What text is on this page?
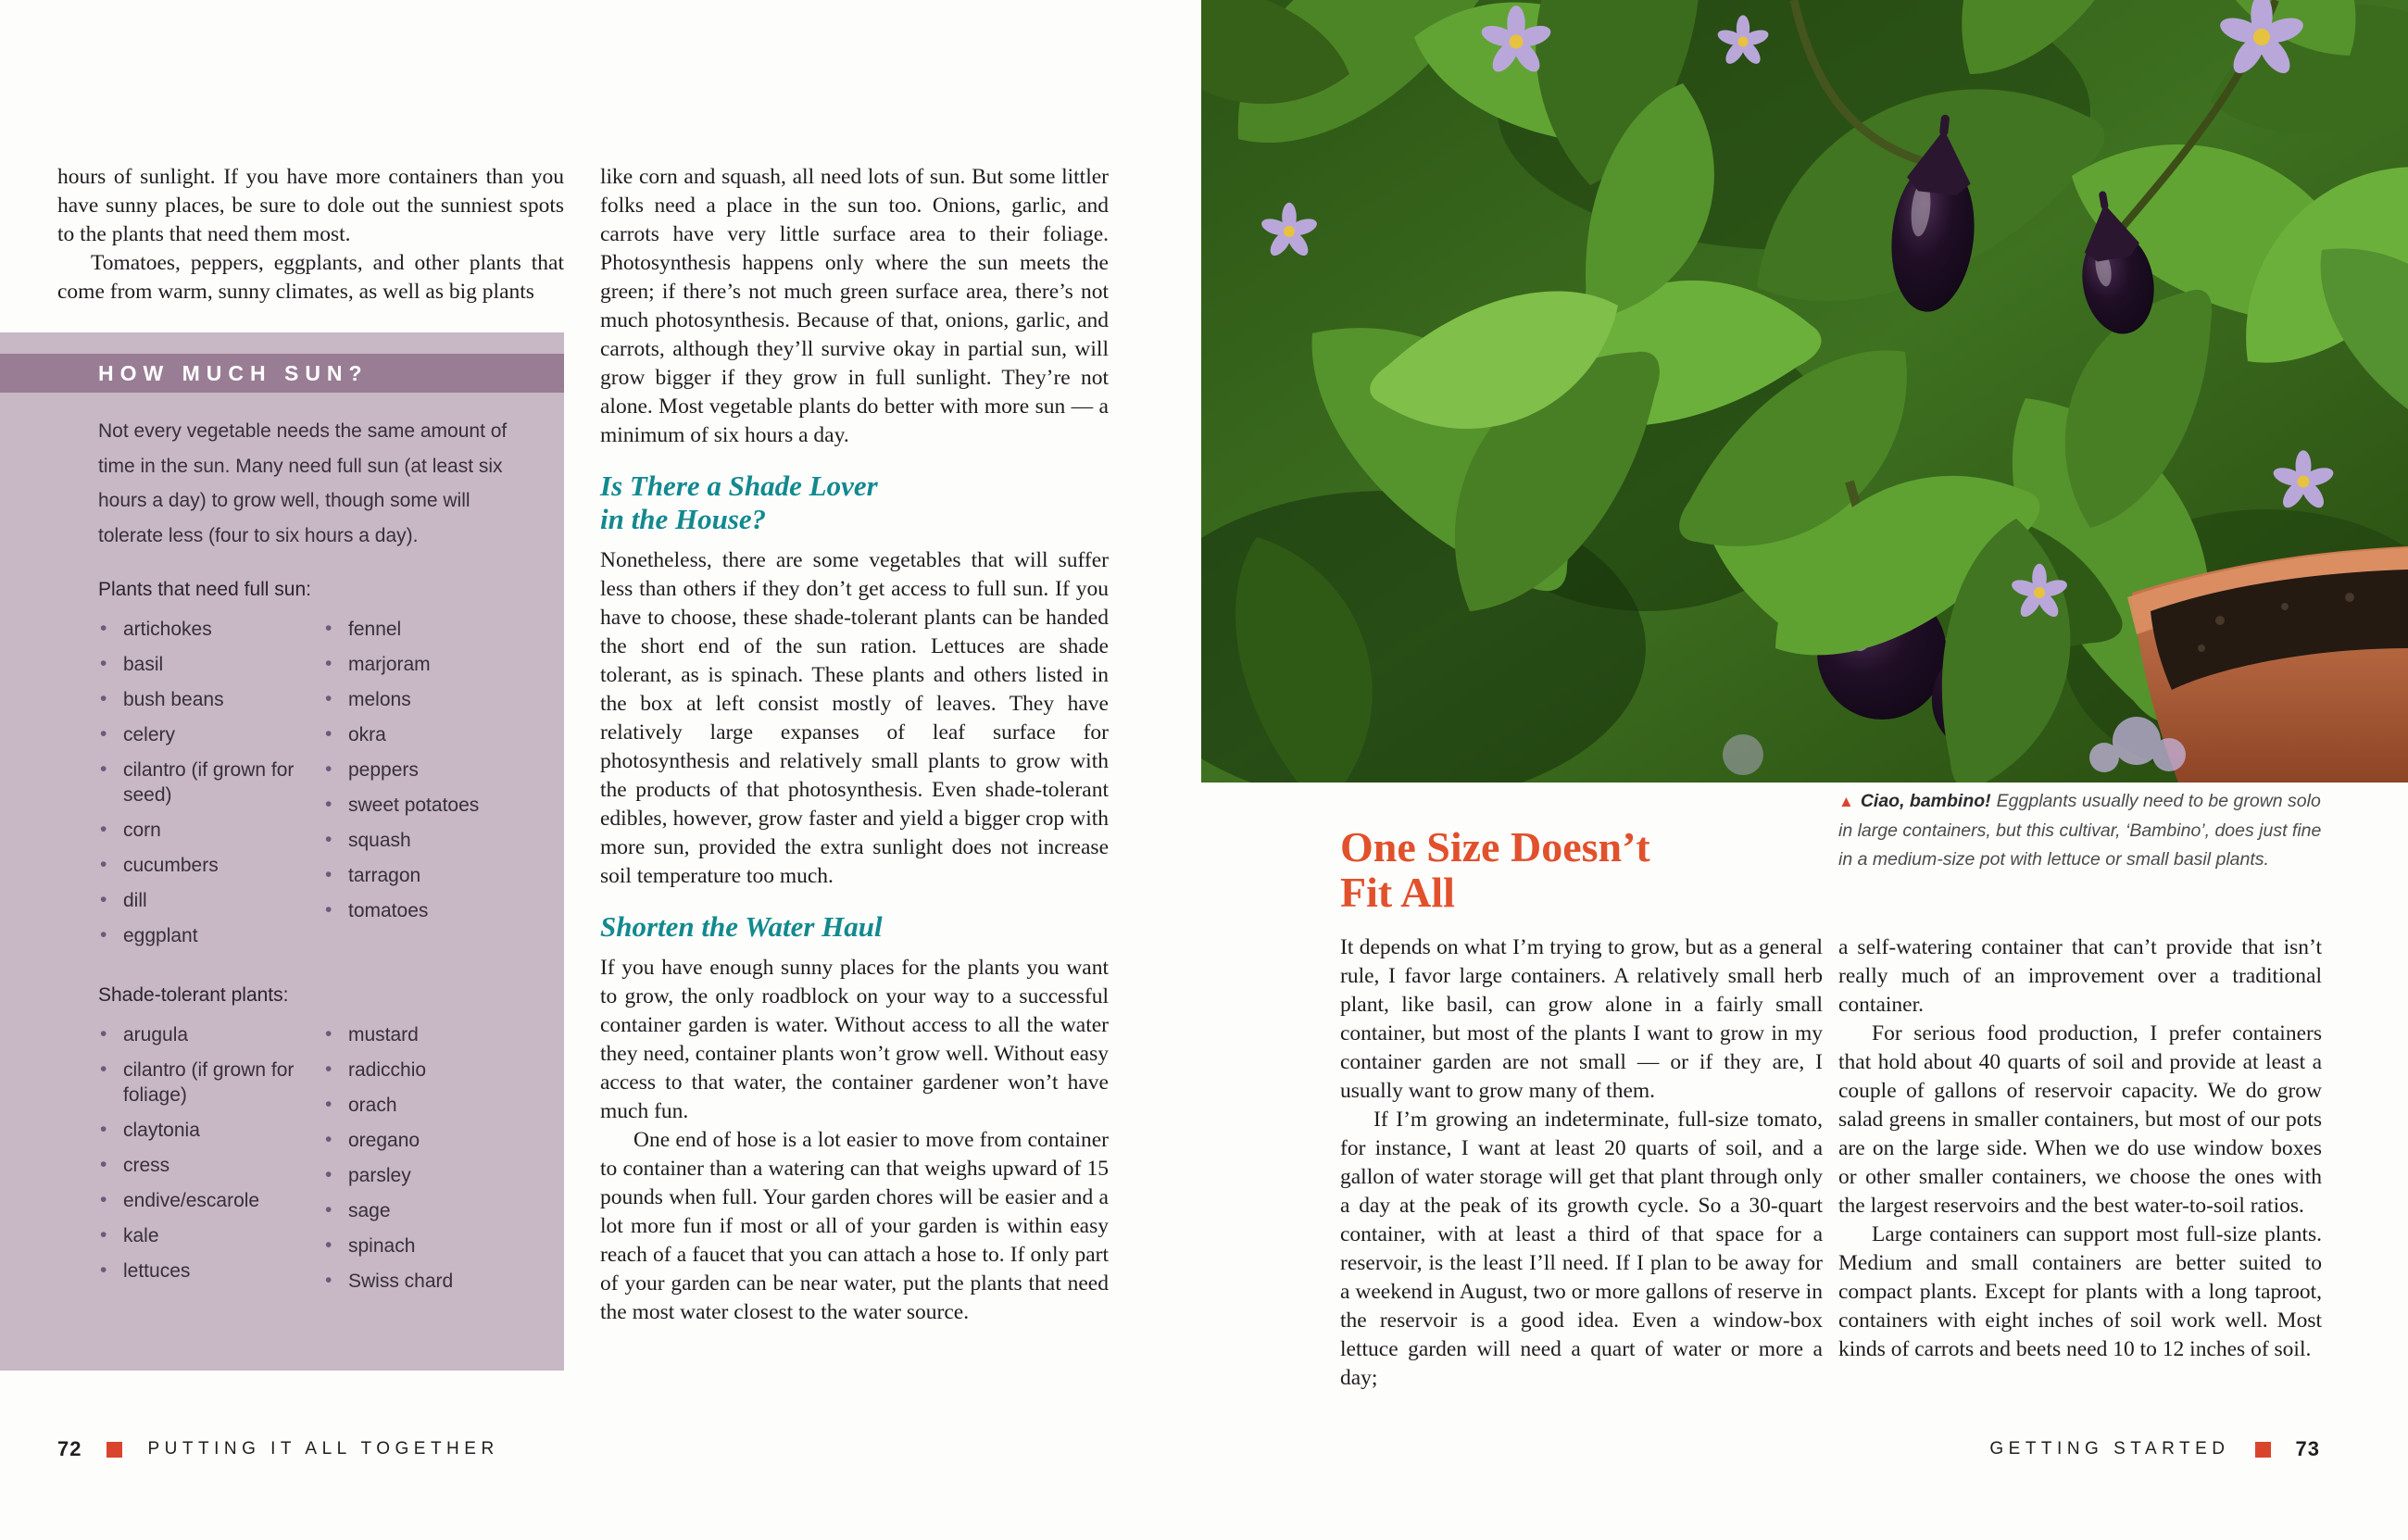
hours of sunlight. If you have more containers than you have sunny places, be sure to dole out the sunniest spots to the plants that need them most.

Tomatoes, peppers, eggplants, and other plants that come from warm, sunny climates, as well as big plants

HOW MUCH SUN?

Not every vegetable needs the same amount of time in the sun. Many need full sun (at least six hours a day) to grow well, though some will tolerate less (four to six hours a day).

Plants that need full sun:

• artichokes
• basil
• bush beans
• celery
• cilantro (if grown for seed)
• corn
• cucumbers
• dill
• eggplant
• fennel
• marjoram
• melons
• okra
• peppers
• sweet potatoes
• squash
• tarragon
• tomatoes

Shade-tolerant plants:

• arugula
• cilantro (if grown for foliage)
• claytonia
• cress
• endive/escarole
• kale
• lettuces
• mustard
• radicchio
• orach
• oregano
• parsley
• sage
• spinach
• Swiss chard

like corn and squash, all need lots of sun. But some littler folks need a place in the sun too. Onions, garlic, and carrots have very little surface area to their foliage. Photosynthesis happens only where the sun meets the green; if there’s not much green surface area, there’s not much photosynthesis. Because of that, onions, garlic, and carrots, although they’ll survive okay in partial sun, will grow bigger if they grow in full sunlight. They’re not alone. Most vegetable plants do better with more sun — a minimum of six hours a day.

Is There a Shade Lover
in the House?

Nonetheless, there are some vegetables that will suffer less than others if they don’t get access to full sun. If you have to choose, these shade-tolerant plants can be handed the short end of the sun ration. Lettuces are shade tolerant, as is spinach. These plants and others listed in the box at left consist mostly of leaves. They have relatively large expanses of leaf surface for photosynthesis and relatively small plants to grow with the products of that photosynthesis. Even shade-tolerant edibles, however, grow faster and yield a bigger crop with more sun, provided the extra sunlight does not increase soil temperature too much.

Shorten the Water Haul

If you have enough sunny places for the plants you want to grow, the only roadblock on your way to a successful container garden is water. Without access to all the water they need, container plants won’t grow well. Without easy access to that water, the container gardener won’t have much fun.

One end of hose is a lot easier to move from container to container than a watering can that weighs upward of 15 pounds when full. Your garden chores will be easier and a lot more fun if most or all of your garden is within easy reach of a faucet that you can attach a hose to. If only part of your garden can be near water, put the plants that need the most water closest to the water source.

72	PUTTING IT ALL TOGETHER
▲ Ciao, bambino! Eggplants usually need to be grown solo in large containers, but this cultivar, ‘Bambino’, does just fine in a medium-size pot with lettuce or small basil plants.
One Size Doesn’t
Fit All

It depends on what I’m trying to grow, but as a general rule, I favor large containers. A relatively small herb plant, like basil, can grow alone in a fairly small container, but most of the plants I want to grow in my container garden are not small — or if they are, I usually want to grow many of them.

If I’m growing an indeterminate, full-size tomato, for instance, I want at least 20 quarts of soil, and a gallon of water storage will get that plant through only a day at the peak of its growth cycle. So a 30-quart container, with at least a third of that space for a reservoir, is the least I’ll need. If I plan to be away for a weekend in August, two or more gallons of reserve in the reservoir is a good idea. Even a window-box lettuce garden will need a quart of water or more a day;

a self-watering container that can’t provide that isn’t really much of an improvement over a traditional container.

For serious food production, I prefer containers that hold about 40 quarts of soil and provide at least a couple of gallons of reservoir capacity. We do grow salad greens in smaller containers, but most of our pots are on the large side. When we do use window boxes or other smaller containers, we choose the ones with the largest reservoirs and the best water-to-soil ratios.

Large containers can support most full-size plants. Medium and small containers are better suited to compact plants. Except for plants with a long taproot, containers with eight inches of soil work well. Most kinds of carrots and beets need 10 to 12 inches of soil.

GETTING STARTED	73
